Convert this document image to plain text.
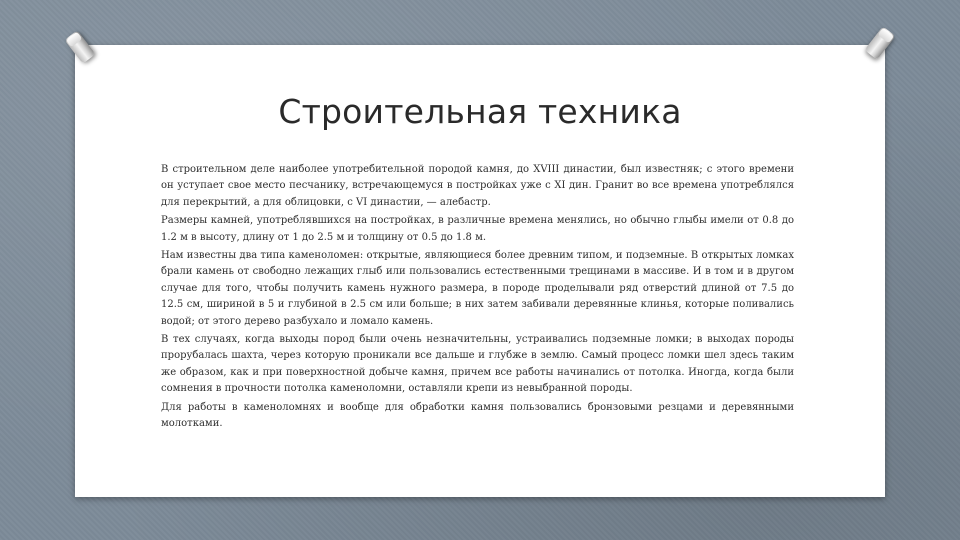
Строительная техника

В строительном деле наиболее употребительной породой камня, до XVIII династии, был известняк; с этого времени он уступает свое место песчанику, встречающемуся в постройках уже с XI дин. Гранит во все времена употреблялся для перекрытий, а для облицовки, с VI династии, — алебастр.

Размеры камней, употреблявшихся на постройках, в различные времена менялись, но обычно глыбы имели от 0.8 до 1.2 м в высоту, длину от 1 до 2.5 м и толщину от 0.5 до 1.8 м.

Нам известны два типа каменоломен: открытые, являющиеся более древним типом, и подземные. В открытых ломках брали камень от свободно лежащих глыб или пользовались естественными трещинами в массиве. И в том и в другом случае для того, чтобы получить камень нужного размера, в породе проделывали ряд отверстий длиной от 7.5 до 12.5 см, шириной в 5 и глубиной в 2.5 см или больше; в них затем забивали деревянные клинья, которые поливались водой; от этого дерево разбухало и ломало камень.

В тех случаях, когда выходы пород были очень незначительны, устраивались подземные ломки; в выходах породы прорубалась шахта, через которую проникали все дальше и глубже в землю. Самый процесс ломки шел здесь таким же образом, как и при поверхностной добыче камня, причем все работы начинались от потолка. Иногда, когда были сомнения в прочности потолка каменоломни, оставляли крепи из невыбранной породы.

Для работы в каменоломнях и вообще для обработки камня пользовались бронзовыми резцами и деревянными молотками.
